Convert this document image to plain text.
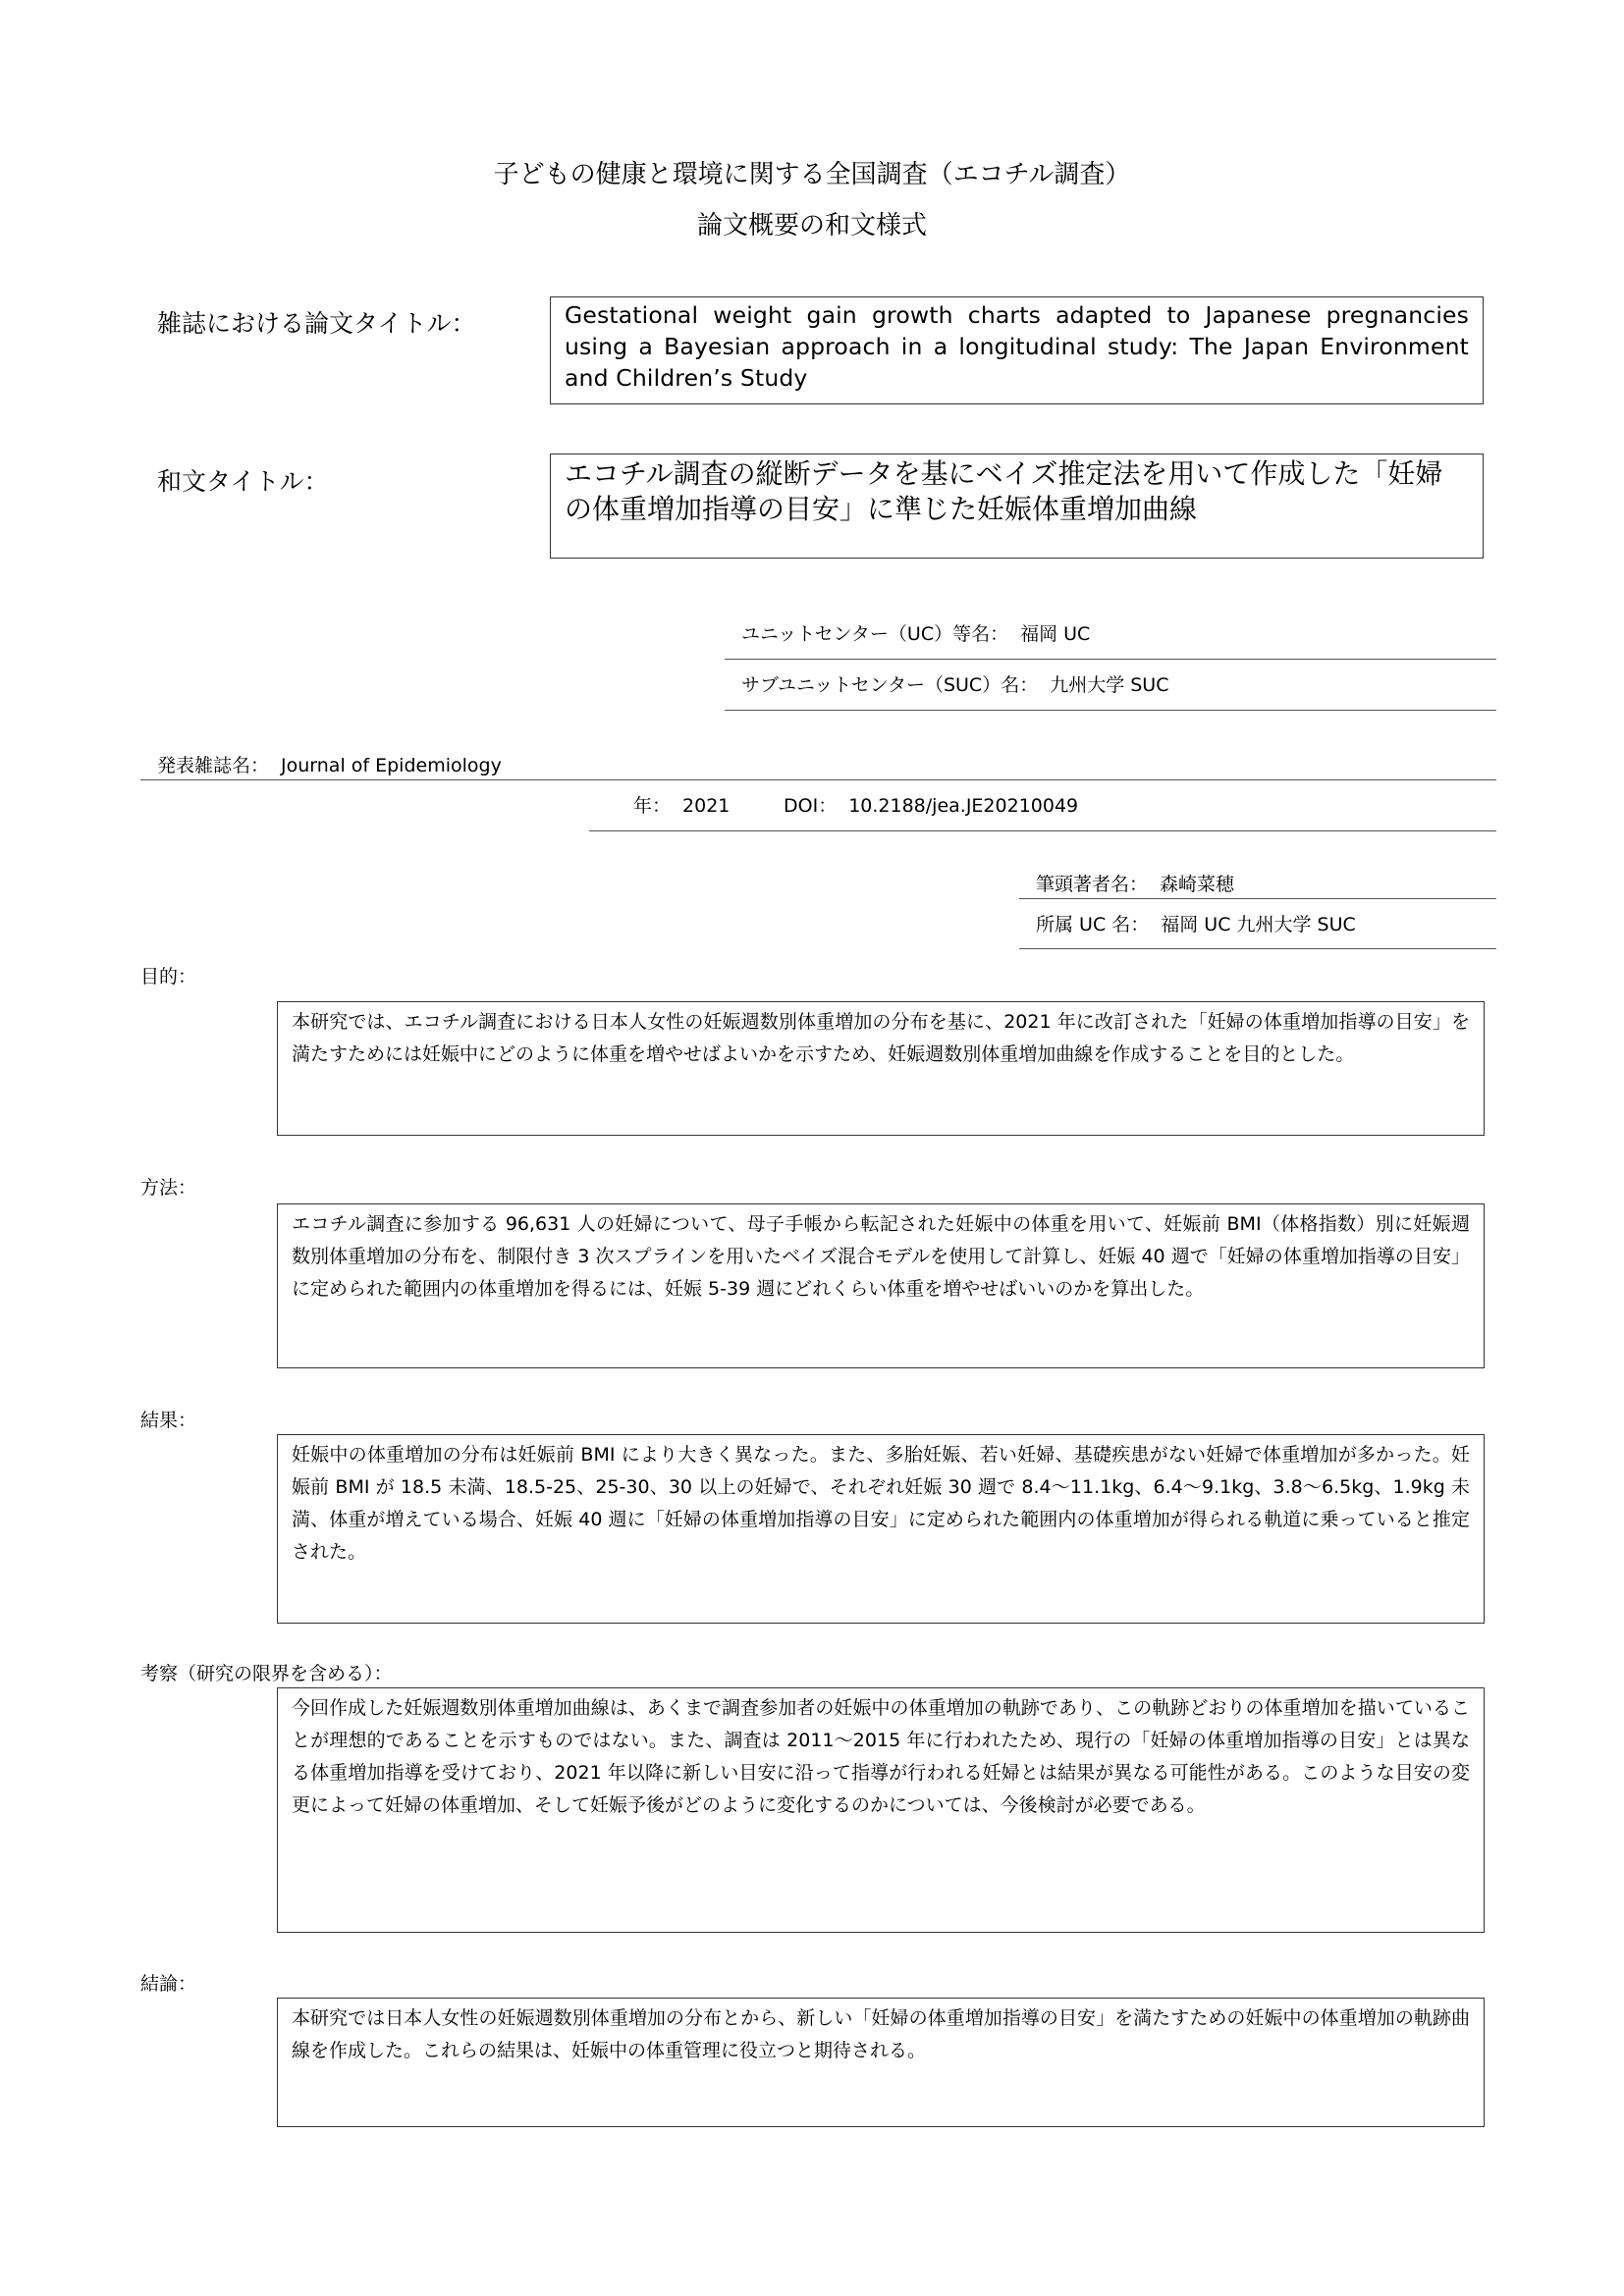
子どもの健康と環境に関する全国調査（エコチル調査）
論文概要の和文様式
雑誌における論文タイトル：	Gestational weight gain growth charts adapted to Japanese pregnancies using a Bayesian approach in a longitudinal study: The Japan Environment and Children’s Study
和文タイトル：	エコチル調査の縦断データを基にベイズ推定法を用いて作成した「妊婦の体重増加指導の目安」に準じた妊娠体重増加曲線
ユニットセンター（UC）等名： 福岡 UC
サブユニットセンター（SUC）名： 九州大学 SUC
発表雑誌名： Journal of Epidemiology
年： 2021	DOI： 10.2188/jea.JE20210049
筆頭著者名： 森崎菜穂
所属 UC 名： 福岡 UC 九州大学 SUC
目的：
本研究では、エコチル調査における日本人女性の妊娠週数別体重増加の分布を基に、2021 年に改訂された「妊婦の体重増加指導の目安」を満たすためには妊娠中にどのように体重を増やせばよいかを示すため、妊娠週数別体重増加曲線を作成することを目的とした。
方法：
エコチル調査に参加する 96,631 人の妊婦について、母子手帳から転記された妊娠中の体重を用いて、妊娠前 BMI（体格指数）別に妊娠週数別体重増加の分布を、制限付き 3 次スプラインを用いたベイズ混合モデルを使用して計算し、妊娠 40 週で「妊婦の体重増加指導の目安」に定められた範囲内の体重増加を得るには、妊娠 5-39 週にどれくらい体重を増やせばいいのかを算出した。
結果：
妊娠中の体重増加の分布は妊娠前 BMI により大きく異なった。また、多胎妊娠、若い妊婦、基礎疾患がない妊婦で体重増加が多かった。妊娠前 BMI が 18.5 未満、18.5-25、25-30、30 以上の妊婦で、それぞれ妊娠 30 週で 8.4〜11.1kg、6.4〜9.1kg、3.8〜6.5kg、1.9kg 未満、体重が増えている場合、妊娠 40 週に「妊婦の体重増加指導の目安」に定められた範囲内の体重増加が得られる軌道に乗っていると推定された。
考察（研究の限界を含める）：
今回作成した妊娠週数別体重増加曲線は、あくまで調査参加者の妊娠中の体重増加の軌跡であり、この軌跡どおりの体重増加を描いていることが理想的であることを示すものではない。また、調査は 2011〜2015 年に行われたため、現行の「妊婦の体重増加指導の目安」とは異なる体重増加指導を受けており、2021 年以降に新しい目安に沿って指導が行われる妊婦とは結果が異なる可能性がある。このような目安の変更によって妊婦の体重増加、そして妊娠予後がどのように変化するのかについては、今後検討が必要である。
結論：
本研究では日本人女性の妊娠週数別体重増加の分布とから、新しい「妊婦の体重増加指導の目安」を満たすための妊娠中の体重増加の軌跡曲線を作成した。これらの結果は、妊娠中の体重管理に役立つと期待される。
